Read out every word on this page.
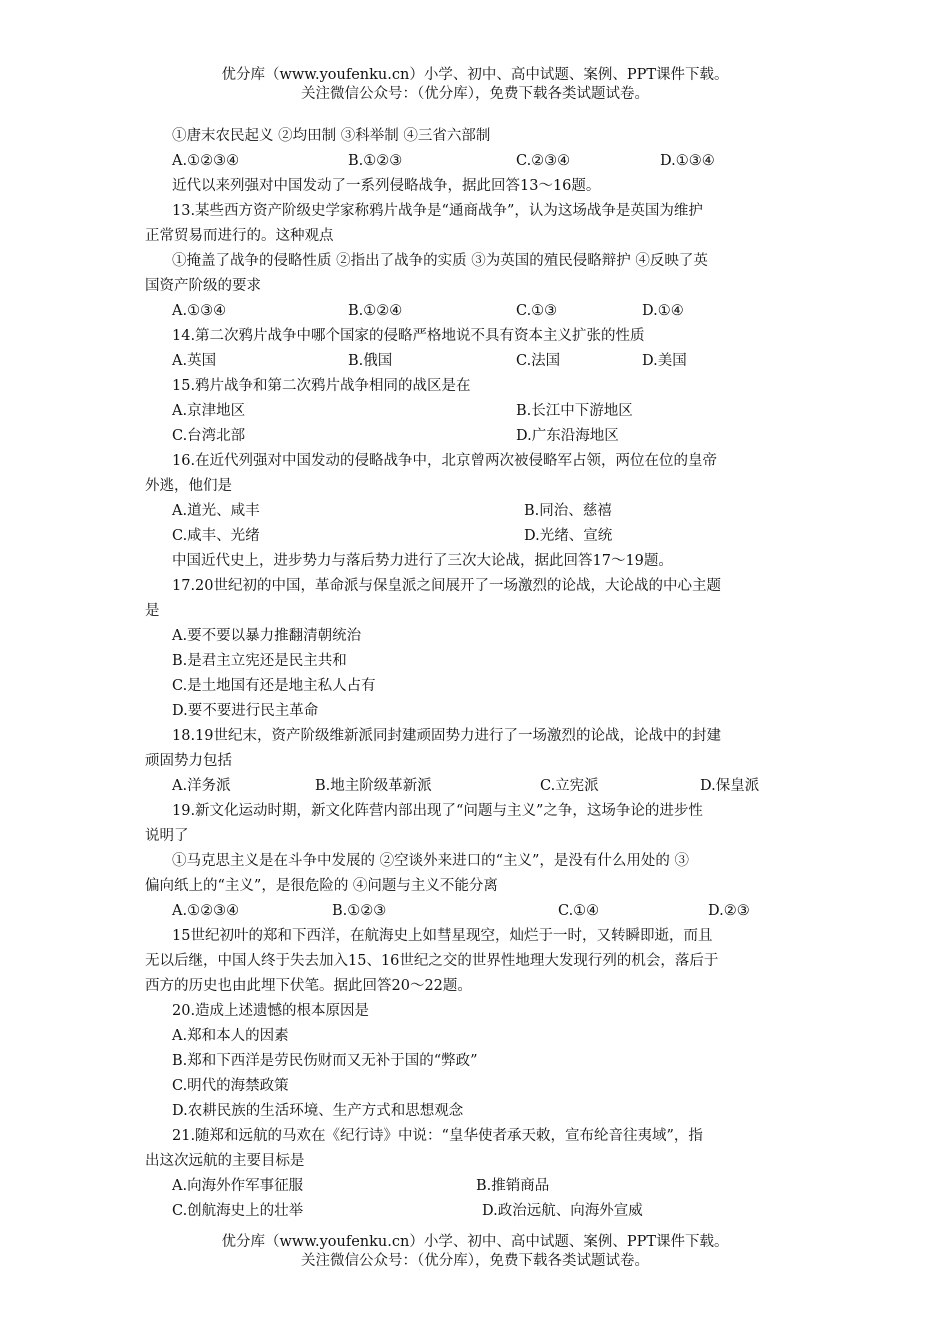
优分库（www.youfenku.cn）小学、初中、高中试题、案例、PPT课件下载。
关注微信公众号：（优分库），免费下载各类试题试卷。
①唐末农民起义 ②均田制 ③科举制 ④三省六部制
A.①②③④	B.①②③	C.②③④	D.①③④
近代以来列强对中国发动了一系列侵略战争，据此回答13～16题。
13.某些西方资产阶级史学家称鸦片战争是“通商战争”，认为这场战争是英国为维护
正常贸易而进行的。这种观点
①掩盖了战争的侵略性质 ②指出了战争的实质 ③为英国的殖民侵略辩护 ④反映了英
国资产阶级的要求
A.①③④	B.①②④	C.①③	D.①④
14.第二次鸦片战争中哪个国家的侵略严格地说不具有资本主义扩张的性质
A.英国	B.俄国	C.法国	D.美国
15.鸦片战争和第二次鸦片战争相同的战区是在
A.京津地区	B.长江中下游地区
C.台湾北部	D.广东沿海地区
16.在近代列强对中国发动的侵略战争中，北京曾两次被侵略军占领，两位在位的皇帝
外逃，他们是
A.道光、咸丰	B.同治、慈禧
C.咸丰、光绪	D.光绪、宣统
中国近代史上，进步势力与落后势力进行了三次大论战，据此回答17～19题。
17.20世纪初的中国，革命派与保皇派之间展开了一场激烈的论战，大论战的中心主题
是
A.要不要以暴力推翻清朝统治
B.是君主立宪还是民主共和
C.是土地国有还是地主私人占有
D.要不要进行民主革命
18.19世纪末，资产阶级维新派同封建顽固势力进行了一场激烈的论战，论战中的封建
顽固势力包括
A.洋务派	B.地主阶级革新派	C.立宪派	D.保皇派
19.新文化运动时期，新文化阵营内部出现了“问题与主义”之争，这场争论的进步性
说明了
①马克思主义是在斗争中发展的 ②空谈外来进口的“主义”，是没有什么用处的 ③
偏向纸上的“主义”，是很危险的 ④问题与主义不能分离
A.①②③④	B.①②③	C.①④	D.②③
15世纪初叶的郑和下西洋，在航海史上如彗星现空，灿烂于一时，又转瞬即逝，而且
无以后继，中国人终于失去加入15、16世纪之交的世界性地理大发现行列的机会，落后于
西方的历史也由此埋下伏笔。据此回答20～22题。
20.造成上述遗憾的根本原因是
A.郑和本人的因素
B.郑和下西洋是劳民伤财而又无补于国的“弊政”
C.明代的海禁政策
D.农耕民族的生活环境、生产方式和思想观念
21.随郑和远航的马欢在《纪行诗》中说：“皇华使者承天敕，宣布纶音往夷域”，指
出这次远航的主要目标是
A.向海外作军事征服	B.推销商品
C.创航海史上的壮举	D.政治远航、向海外宣威
优分库（www.youfenku.cn）小学、初中、高中试题、案例、PPT课件下载。
关注微信公众号：（优分库），免费下载各类试题试卷。
